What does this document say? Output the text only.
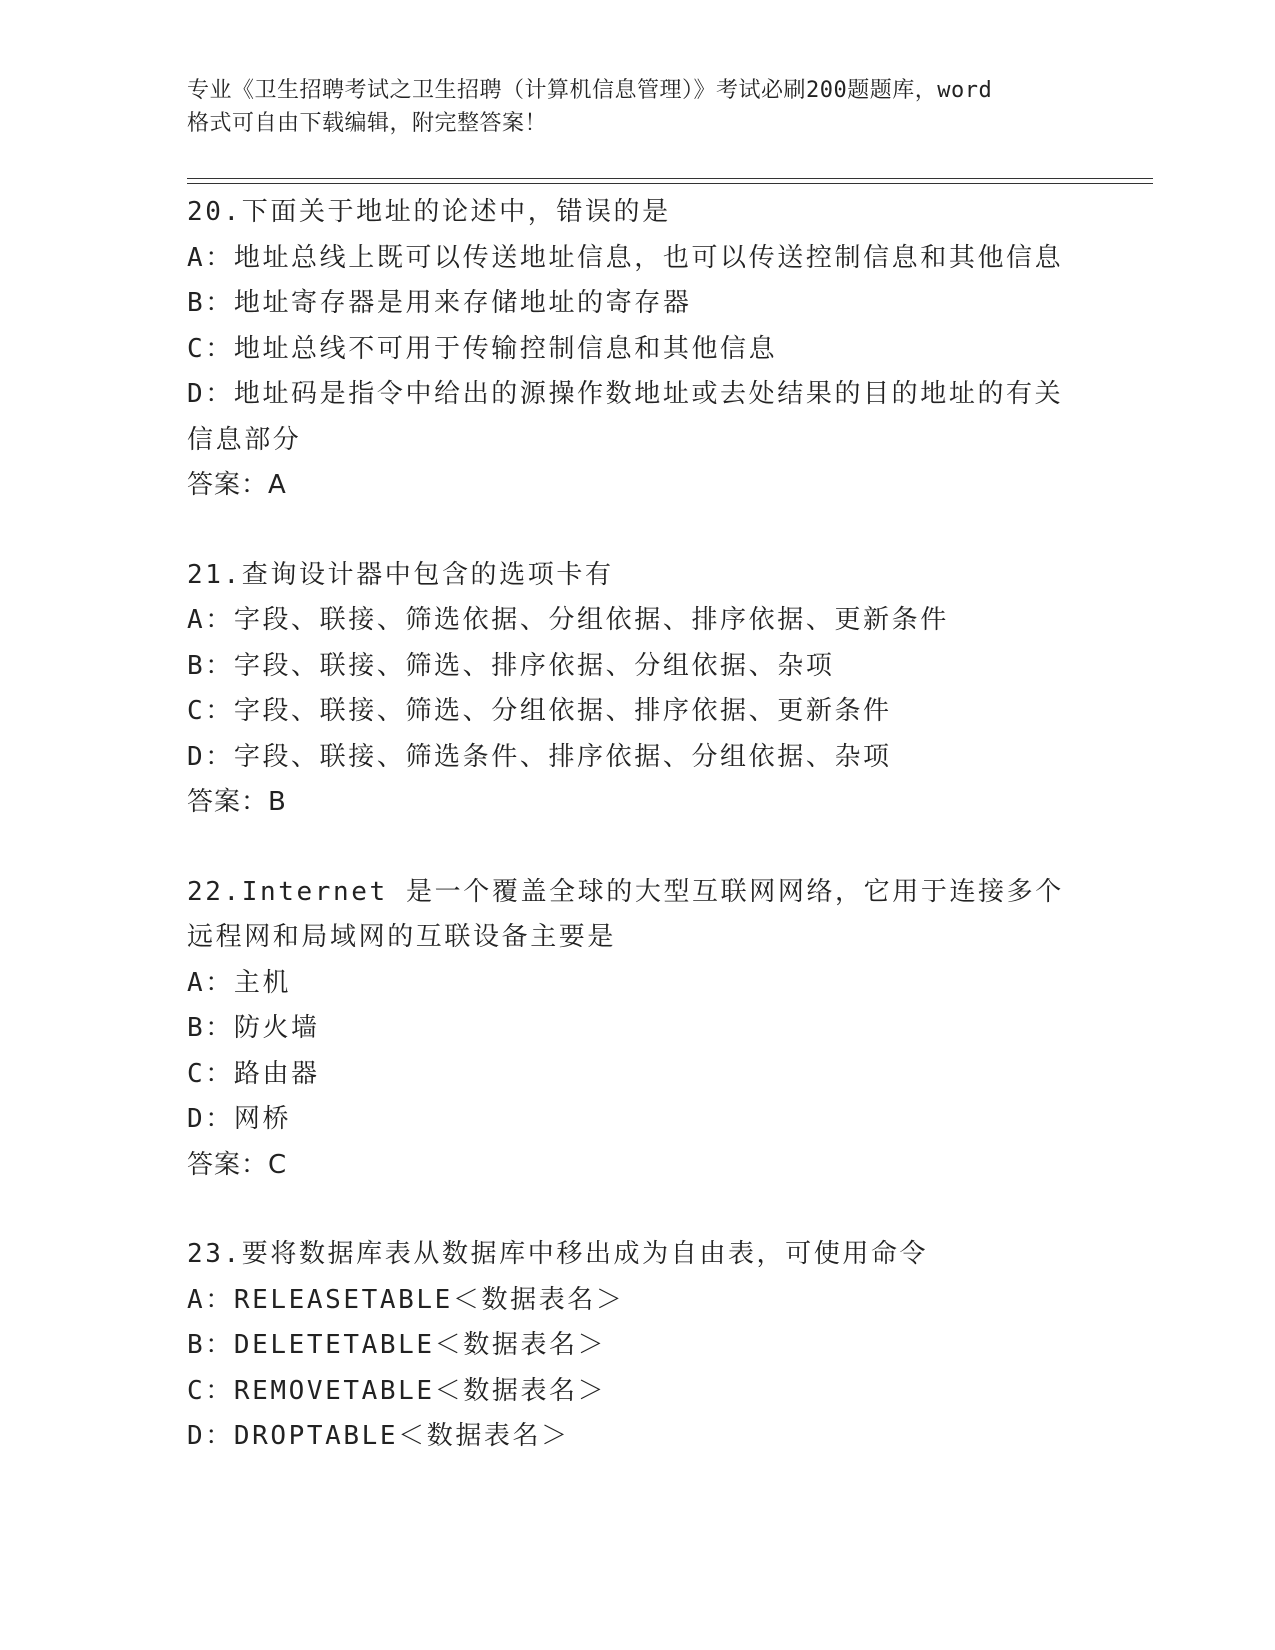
专业《卫生招聘考试之卫生招聘（计算机信息管理）》考试必刷200题题库，word
格式可自由下载编辑，附完整答案！
20.下面关于地址的论述中，错误的是
A：地址总线上既可以传送地址信息，也可以传送控制信息和其他信息
B：地址寄存器是用来存储地址的寄存器
C：地址总线不可用于传输控制信息和其他信息
D：地址码是指令中给出的源操作数地址或去处结果的目的地址的有关信息部分
答案：A
21.查询设计器中包含的选项卡有
A：字段、联接、筛选依据、分组依据、排序依据、更新条件
B：字段、联接、筛选、排序依据、分组依据、杂项
C：字段、联接、筛选、分组依据、排序依据、更新条件
D：字段、联接、筛选条件、排序依据、分组依据、杂项
答案：B
22.Internet 是一个覆盖全球的大型互联网网络，它用于连接多个远程网和局域网的互联设备主要是
A：主机
B：防火墙
C：路由器
D：网桥
答案：C
23.要将数据库表从数据库中移出成为自由表，可使用命令
A：RELEASETABLE＜数据表名＞
B：DELETETABLE＜数据表名＞
C：REMOVETABLE＜数据表名＞
D：DROPTABLE＜数据表名＞
